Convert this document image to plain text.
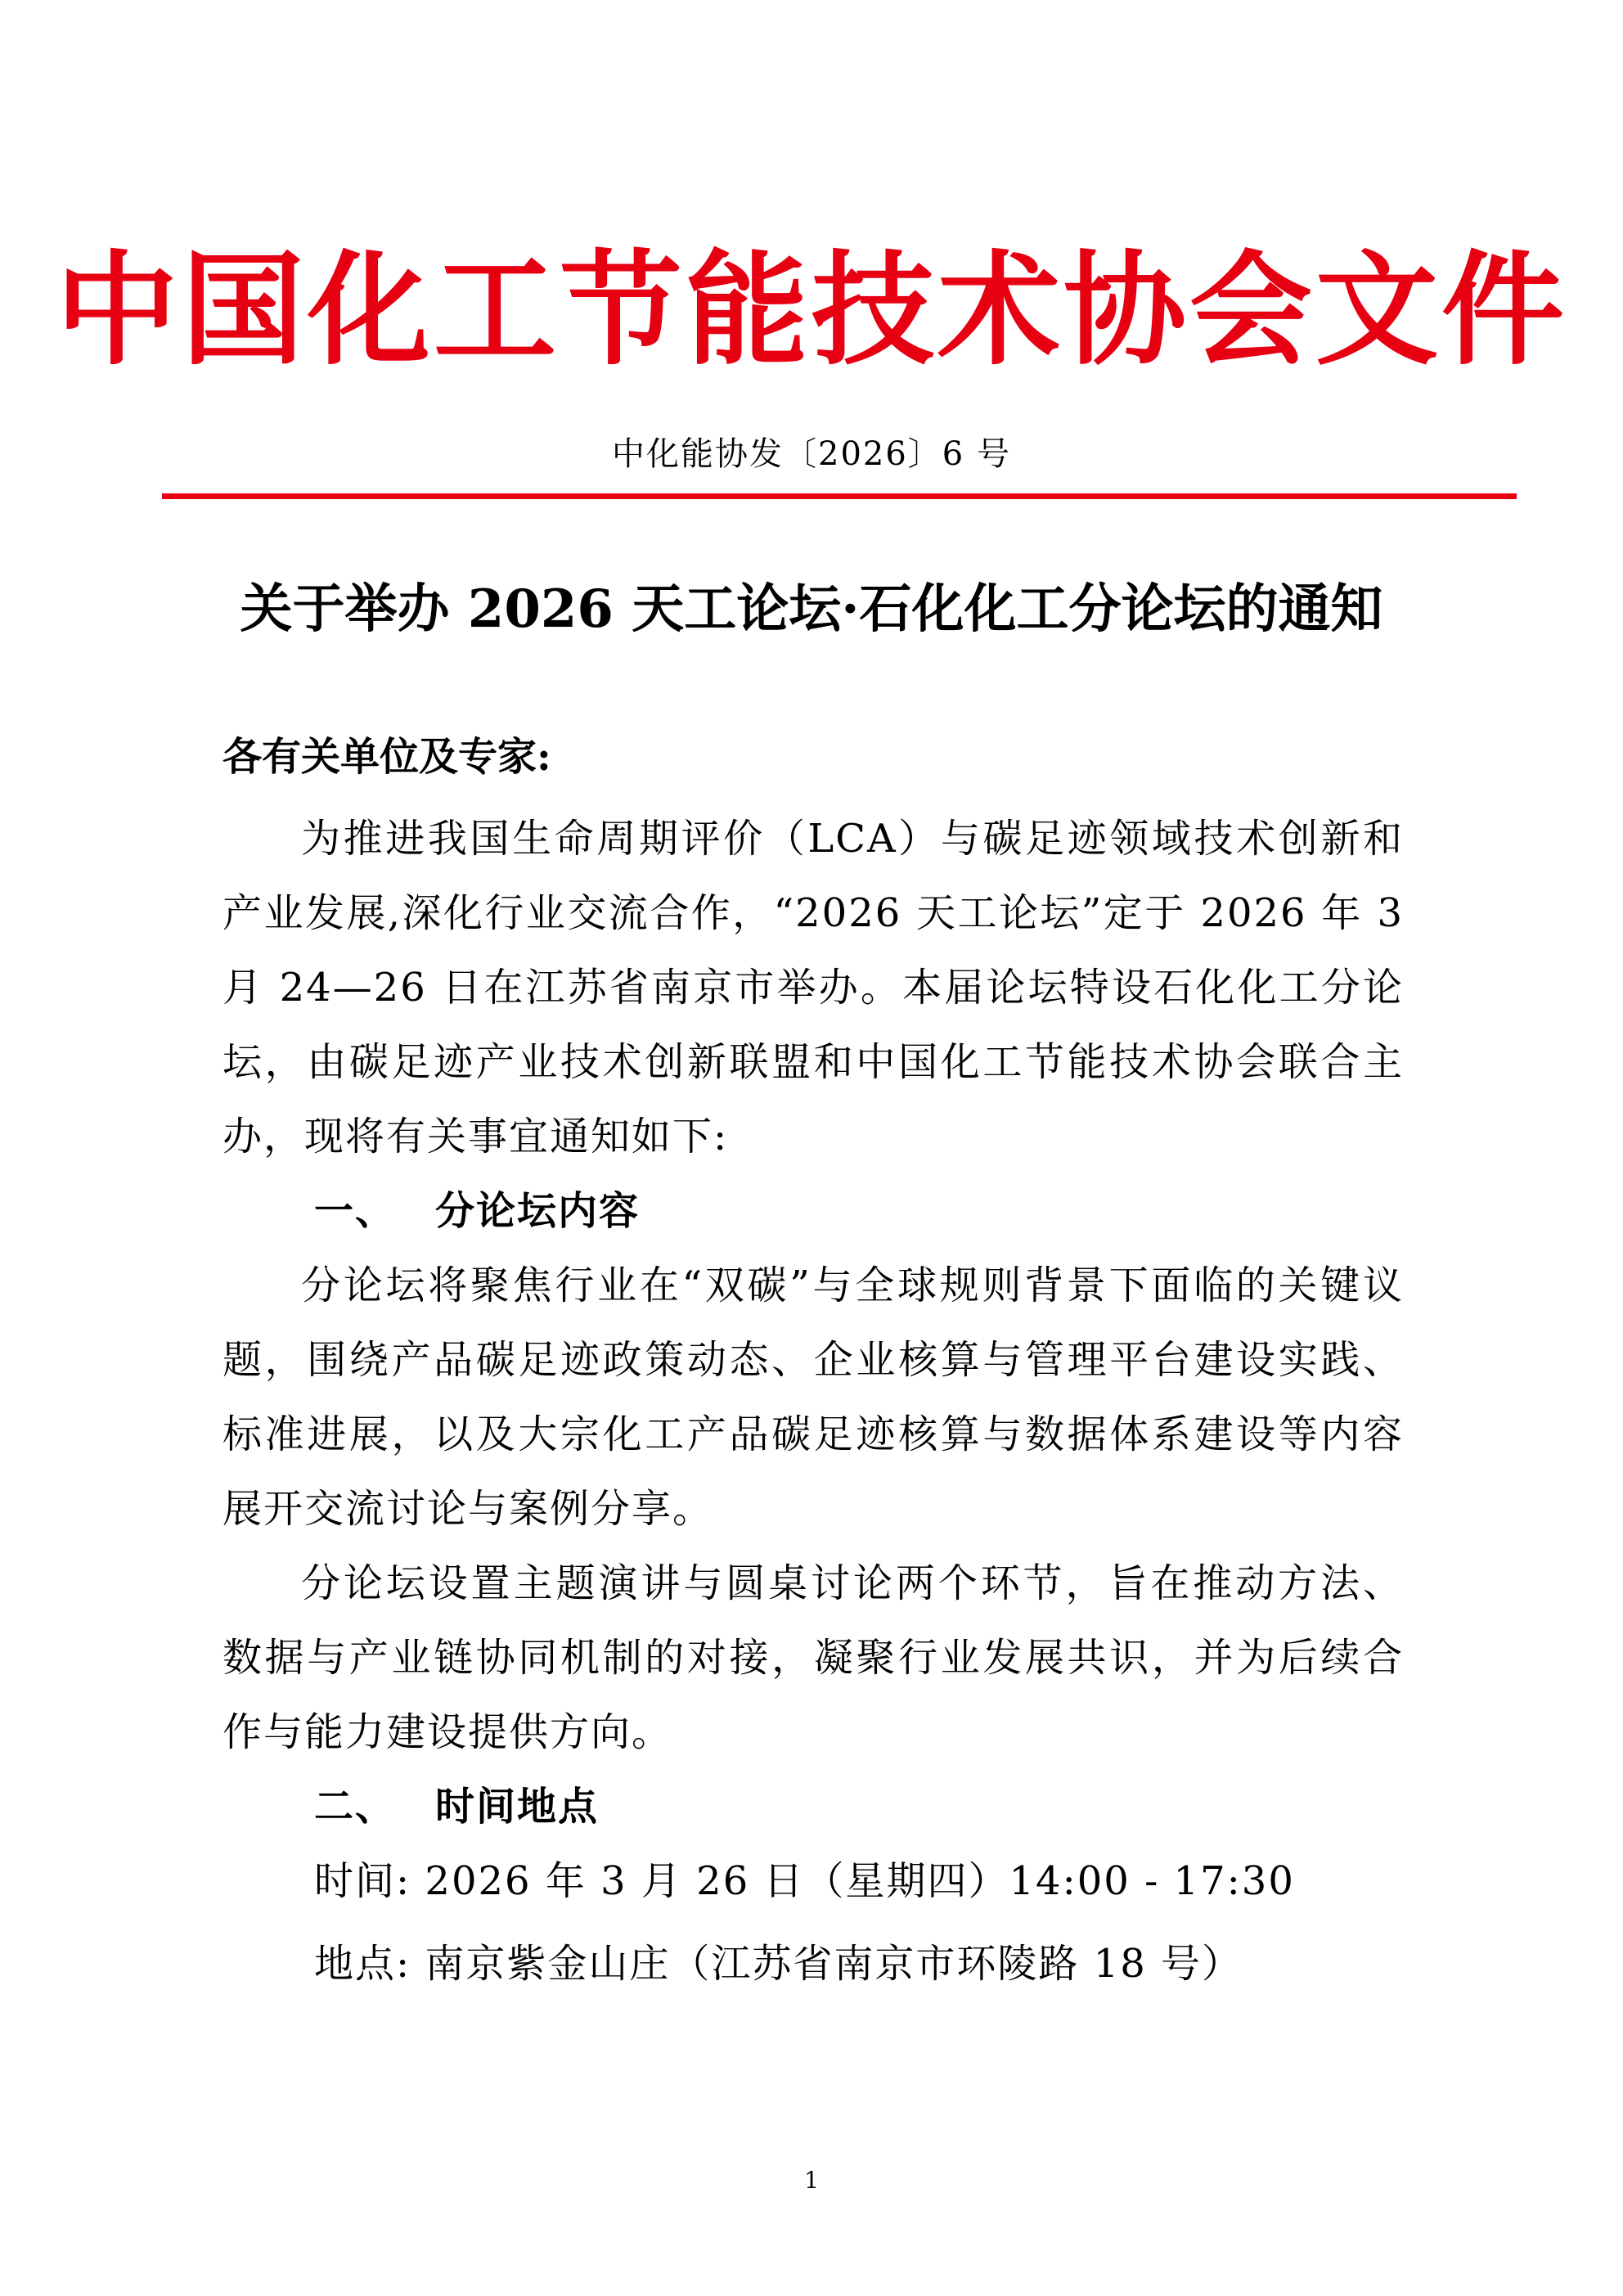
中国化工节能技术协会文件
中化能协发〔2026〕6 号
关于举办 2026 天工论坛·石化化工分论坛的通知
各有关单位及专家:

为推进我国生命周期评价（LCA）与碳足迹领域技术创新和产业发展,深化行业交流合作，“2026 天工论坛”定于 2026 年 3 月 24—26 日在江苏省南京市举办。本届论坛特设石化化工分论坛，由碳足迹产业技术创新联盟和中国化工节能技术协会联合主办，现将有关事宜通知如下:

一、 分论坛内容

分论坛将聚焦行业在“双碳”与全球规则背景下面临的关键议题，围绕产品碳足迹政策动态、企业核算与管理平台建设实践、标准进展，以及大宗化工产品碳足迹核算与数据体系建设等内容展开交流讨论与案例分享。

分论坛设置主题演讲与圆桌讨论两个环节，旨在推动方法、数据与产业链协同机制的对接，凝聚行业发展共识，并为后续合作与能力建设提供方向。

二、 时间地点
时间: 2026 年 3 月 26 日（星期四）14:00 - 17:30
地点: 南京紫金山庄（江苏省南京市环陵路 18 号）
1
